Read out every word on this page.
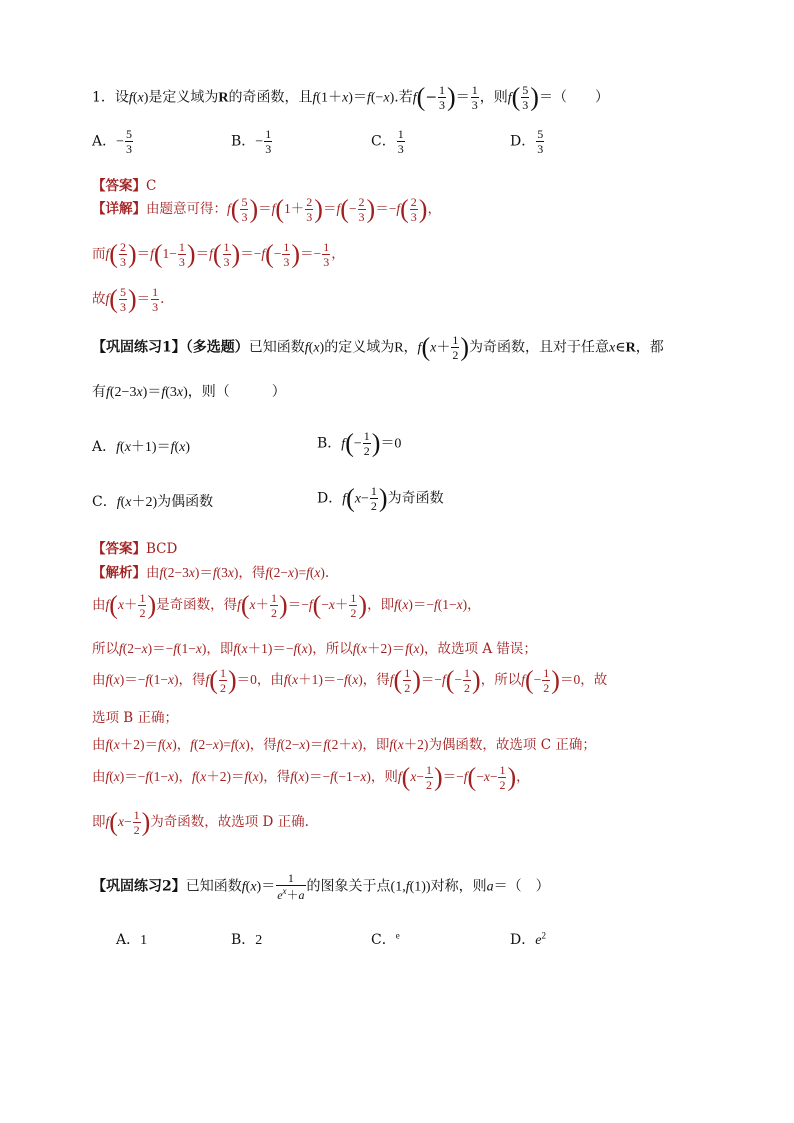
1．设f(x)是定义域为R的奇函数，且f(1＋x)＝f(−x).若$f(- \frac{1}{3}$ )＝ $\frac{1}{3}$ ，则$f( \frac{5}{3}$ )＝（　　）
A．− $\frac{5}{3}$	B．− $\frac{1}{3}$	C． $\frac{1}{3}$	D． $\frac{5}{3}$
【答案】C
【详解】由题意可得：$f( \frac{5}{3} )=f(1+ \frac{2}{3} )=f(- \frac{2}{3} )=-f( \frac{2}{3}$ )，
而$f( \frac{2}{3} )=f(1- \frac{1}{3} )=f( \frac{1}{3} )=-f(- \frac{1}{3}$ )＝− $\frac{1}{3}$ ，
故$f( \frac{5}{3}$ )＝ $\frac{1}{3}$ .
【巩固练习1】（多选题）已知函数f(x)的定义域为R，$f(x+ \frac{1}{2}$ )为奇函数，且对于任意x∈R，都
有f(2−3x)＝f(3x)，则（　　　）
A．f(x＋1)＝f(x)	B．$f(- \frac{1}{2} )=0$
C．f(x＋2)为偶函数	D．$f(x- \frac{1}{2}$ )为奇函数
【答案】BCD
【解析】由f(2−3x)＝f(3x)，得f(2−x)=f(x).
由$f(x+ \frac{1}{2}$ )是奇函数，得$f(x+ \frac{1}{2} )=-f(-x+ \frac{1}{2}$ )，即f(x)＝−f(1−x)，
所以f(2−x)＝−f(1−x)，即f(x＋1)＝−f(x)，所以f(x＋2)＝f(x)，故选项 A 错误；
由f(x)＝−f(1−x)，得$f( \frac{1}{2} )=0$，由f(x＋1)＝−f(x)，得$f( \frac{1}{2} )=-f(- \frac{1}{2}$ )，所以$f(- \frac{1}{2} )=0$，故
选项 B 正确；
由f(x＋2)＝f(x)，f(2−x)=f(x)，得f(2−x)＝f(2＋x)，即f(x＋2)为偶函数，故选项 C 正确；
由f(x)＝−f(1−x)，f(x＋2)＝f(x)，得f(x)＝−f(−1−x)，则$f(x- \frac{1}{2} )=-f(-x- \frac{1}{2}$ )，
即$f(x- \frac{1}{2}$ )为奇函数，故选项 D 正确.
【巩固练习2】已知函数$f(x)= \frac{1}{e^x+a}$ 的图象关于点(1,f(1))对称，则a＝（　）
A．1	B．2	C．$^e$	D．$e^2$
